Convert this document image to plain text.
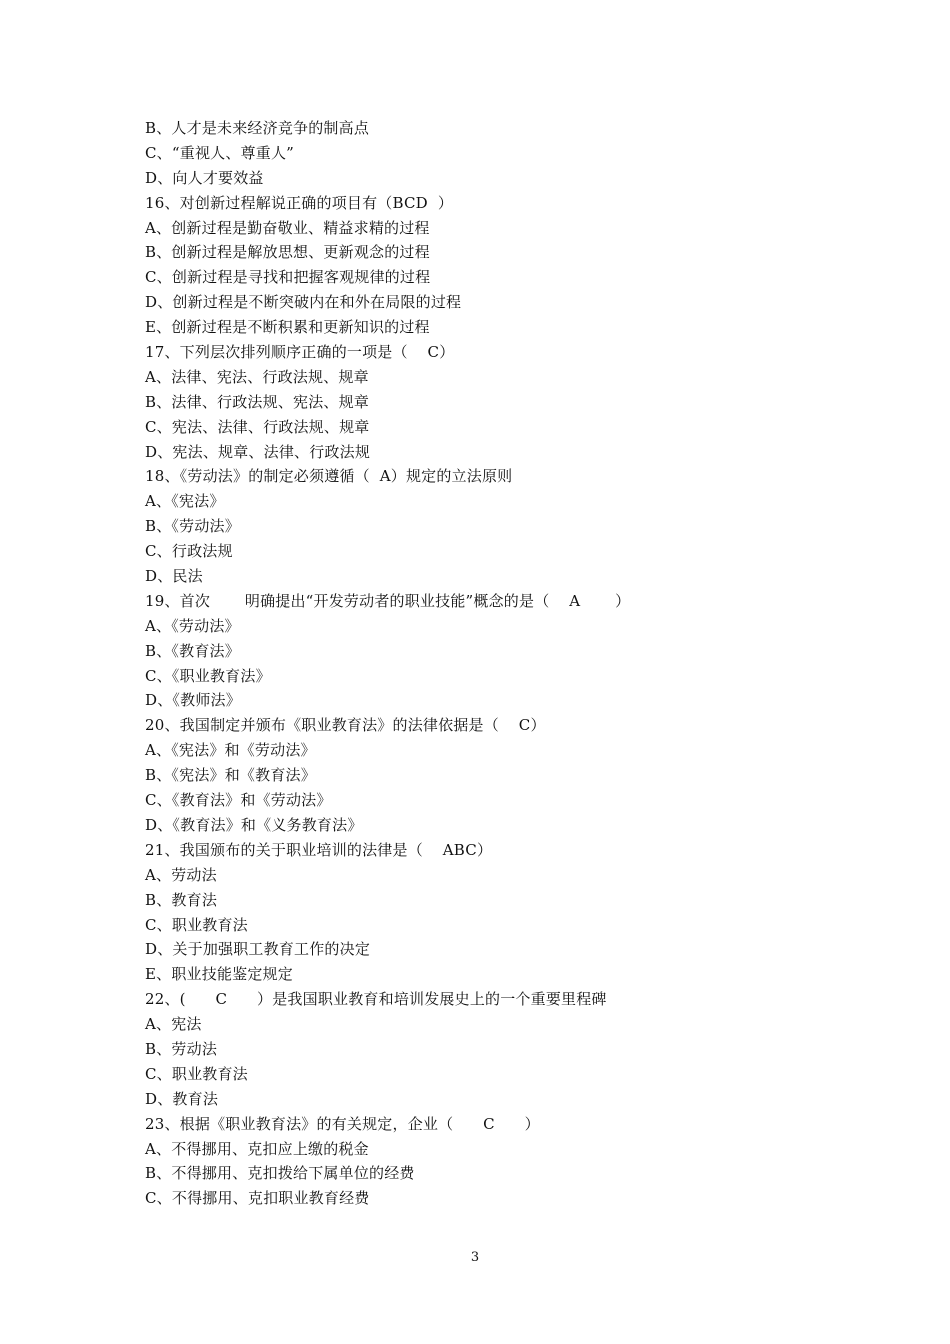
B、人才是未来经济竞争的制高点
C、“重视人、尊重人”
D、向人才要效益
16、对创新过程解说正确的项目有（BCD  ）
A、创新过程是勤奋敬业、精益求精的过程
B、创新过程是解放思想、更新观念的过程
C、创新过程是寻找和把握客观规律的过程
D、创新过程是不断突破内在和外在局限的过程
E、创新过程是不断积累和更新知识的过程
17、下列层次排列顺序正确的一项是（    C）
A、法律、宪法、行政法规、规章
B、法律、行政法规、宪法、规章
C、宪法、法律、行政法规、规章
D、宪法、规章、法律、行政法规
18、《劳动法》的制定必须遵循（  A）规定的立法原则
A、《宪法》
B、《劳动法》
C、行政法规
D、民法
19、首次       明确提出“开发劳动者的职业技能”概念的是（    A       ）
A、《劳动法》
B、《教育法》
C、《职业教育法》
D、《教师法》
20、我国制定并颁布《职业教育法》的法律依据是（    C）
A、《宪法》和《劳动法》
B、《宪法》和《教育法》
C、《教育法》和《劳动法》
D、《教育法》和《义务教育法》
21、我国颁布的关于职业培训的法律是（    ABC）
A、劳动法
B、教育法
C、职业教育法
D、关于加强职工教育工作的决定
E、职业技能鉴定规定
22、(      C      ）是我国职业教育和培训发展史上的一个重要里程碑
A、宪法
B、劳动法
C、职业教育法
D、教育法
23、根据《职业教育法》的有关规定，企业（      C      ）
A、不得挪用、克扣应上缴的税金
B、不得挪用、克扣拨给下属单位的经费
C、不得挪用、克扣职业教育经费
3
